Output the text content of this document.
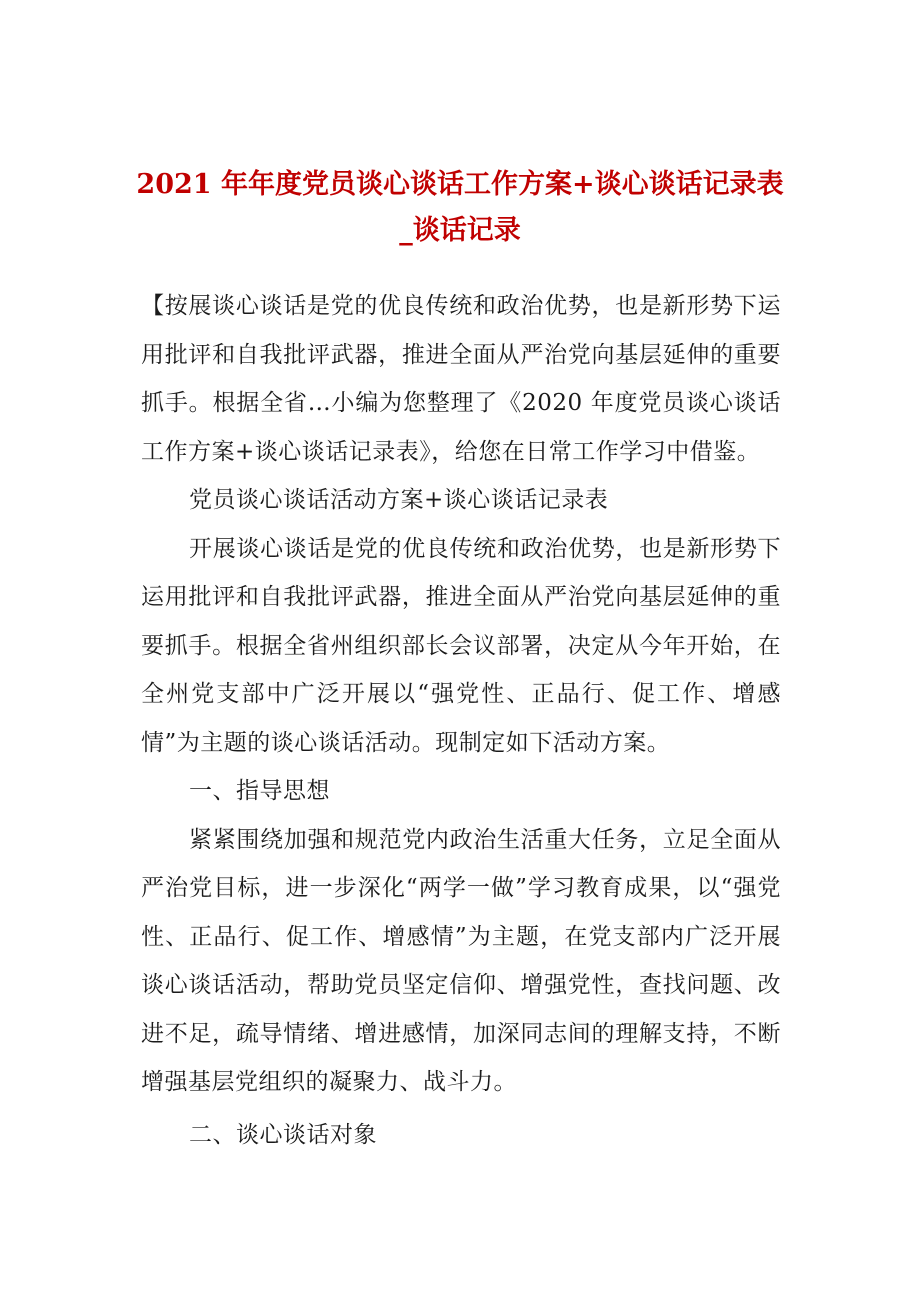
2021 年年度党员谈心谈话工作方案+谈心谈话记录表
_谈话记录

【按展谈心谈话是党的优良传统和政治优势，也是新形势下运用批评和自我批评武器，推进全面从严治党向基层延伸的重要抓手。根据全省…小编为您整理了《2020 年度党员谈心谈话工作方案+谈心谈话记录表》，给您在日常工作学习中借鉴。

党员谈心谈话活动方案+谈心谈话记录表

开展谈心谈话是党的优良传统和政治优势，也是新形势下运用批评和自我批评武器，推进全面从严治党向基层延伸的重要抓手。根据全省州组织部长会议部署，决定从今年开始，在全州党支部中广泛开展以“强党性、正品行、促工作、增感情”为主题的谈心谈话活动。现制定如下活动方案。

一、指导思想

紧紧围绕加强和规范党内政治生活重大任务，立足全面从严治党目标，进一步深化“两学一做”学习教育成果，以“强党性、正品行、促工作、增感情”为主题，在党支部内广泛开展谈心谈话活动，帮助党员坚定信仰、增强党性，查找问题、改进不足，疏导情绪、增进感情，加深同志间的理解支持，不断增强基层党组织的凝聚力、战斗力。

二、谈心谈话对象
